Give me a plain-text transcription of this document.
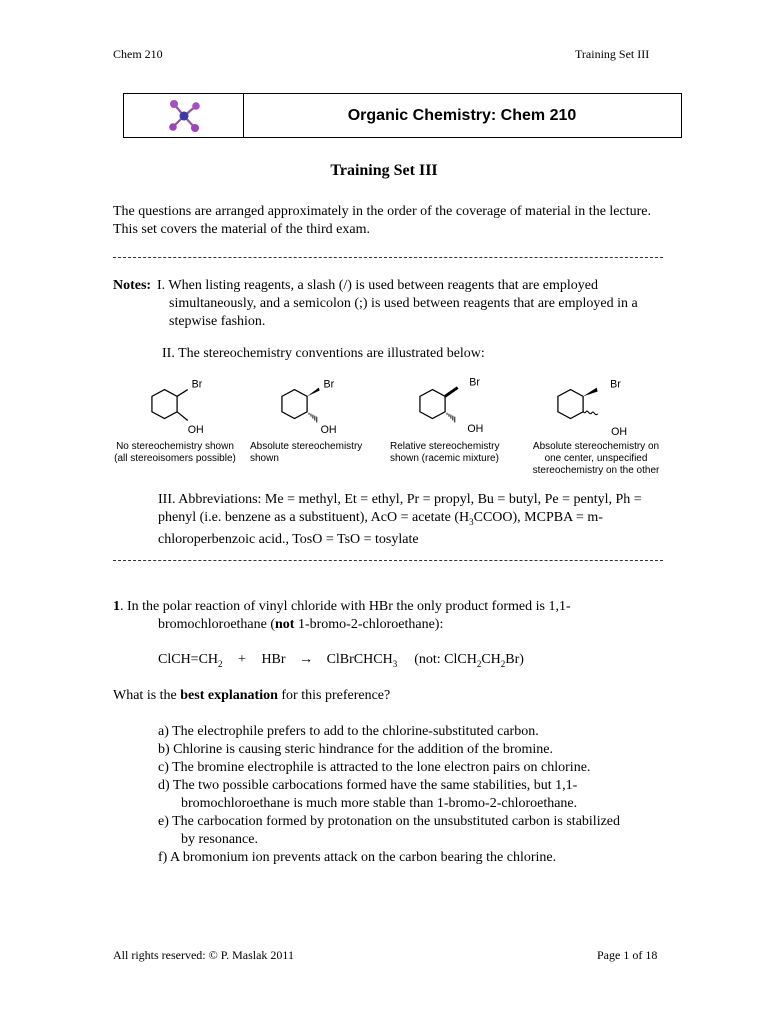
Chem 210	Training Set III
Organic Chemistry: Chem 210
Training Set III
The questions are arranged approximately in the order of the coverage of material in the lecture. This set covers the material of the third exam.
Notes: I. When listing reagents, a slash (/) is used between reagents that are employed simultaneously, and a semicolon (;) is used between reagents that are employed in a stepwise fashion.
II. The stereochemistry conventions are illustrated below:
Br
OH
No stereochemistry shown
(all stereoisomers possible)
Br
OH
Absolute stereochemistry
shown
Br
OH
Relative stereochemistry
shown (racemic mixture)
Br
OH
Absolute stereochemistry on
one center, unspecified
stereochemistry on the other
III. Abbreviations: Me = methyl, Et = ethyl, Pr = propyl, Bu = butyl, Pe = pentyl, Ph =
phenyl (i.e. benzene as a substituent), AcO = acetate $(H_3CCOO)$, MCPBA = m-
chloroperbenzoic acid., TosO = TsO = tosylate
1. In the polar reaction of vinyl chloride with HBr the only product formed is 1,1-
bromochloroethane (not 1-bromo-2-chloroethane):
$ClCH=CH_2$ + HBr → ClBrCHCH$_3$ (not: $ClCH_2CH_2Br$)
What is the best explanation for this preference?
a) The electrophile prefers to add to the chlorine-substituted carbon.
b) Chlorine is causing steric hindrance for the addition of the bromine.
c) The bromine electrophile is attracted to the lone electron pairs on chlorine.
d) The two possible carbocations formed have the same stabilities, but 1,1-
bromochloroethane is much more stable than 1-bromo-2-chloroethane.
e) The carbocation formed by protonation on the unsubstituted carbon is stabilized
by resonance.
f) A bromonium ion prevents attack on the carbon bearing the chlorine.
All rights reserved: © P. Maslak 2011	Page 1 of 18
